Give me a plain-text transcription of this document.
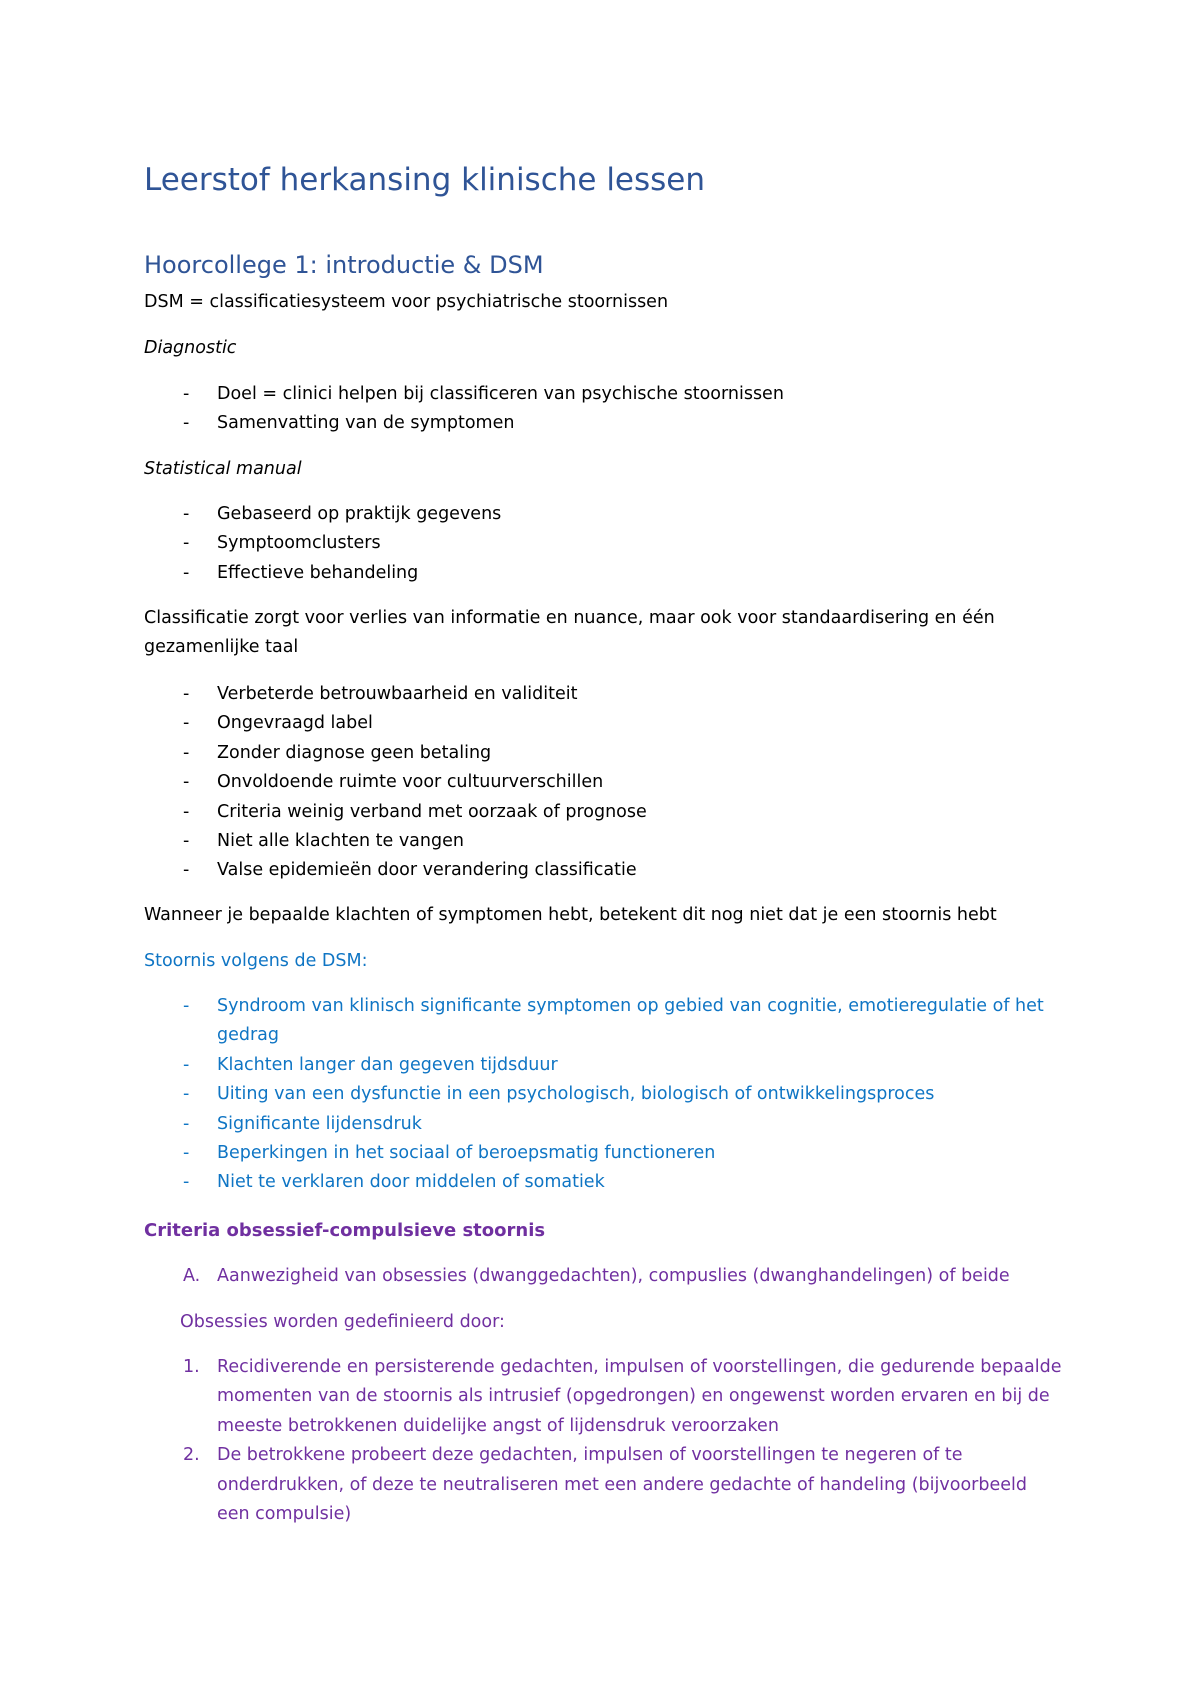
Leerstof herkansing klinische lessen
Hoorcollege 1: introductie & DSM

DSM = classificatiesysteem voor psychiatrische stoornissen

Diagnostic

- Doel = clinici helpen bij classificeren van psychische stoornissen
- Samenvatting van de symptomen

Statistical manual

- Gebaseerd op praktijk gegevens
- Symptoomclusters
- Effectieve behandeling

Classificatie zorgt voor verlies van informatie en nuance, maar ook voor standaardisering en één gezamenlijke taal

- Verbeterde betrouwbaarheid en validiteit
- Ongevraagd label
- Zonder diagnose geen betaling
- Onvoldoende ruimte voor cultuurverschillen
- Criteria weinig verband met oorzaak of prognose
- Niet alle klachten te vangen
- Valse epidemieën door verandering classificatie

Wanneer je bepaalde klachten of symptomen hebt, betekent dit nog niet dat je een stoornis hebt

Stoornis volgens de DSM:

- Syndroom van klinisch significante symptomen op gebied van cognitie, emotieregulatie of het gedrag
- Klachten langer dan gegeven tijdsduur
- Uiting van een dysfunctie in een psychologisch, biologisch of ontwikkelingsproces
- Significante lijdensdruk
- Beperkingen in het sociaal of beroepsmatig functioneren
- Niet te verklaren door middelen of somatiek
Criteria obsessief-compulsieve stoornis
A. Aanwezigheid van obsessies (dwanggedachten), compuslies (dwanghandelingen) of beide

Obsessies worden gedefinieerd door:

1. Recidiverende en persisterende gedachten, impulsen of voorstellingen, die gedurende bepaalde momenten van de stoornis als intrusief (opgedrongen) en ongewenst worden ervaren en bij de meeste betrokkenen duidelijke angst of lijdensdruk veroorzaken
2. De betrokkene probeert deze gedachten, impulsen of voorstellingen te negeren of te onderdrukken, of deze te neutraliseren met een andere gedachte of handeling (bijvoorbeeld een compulsie)
